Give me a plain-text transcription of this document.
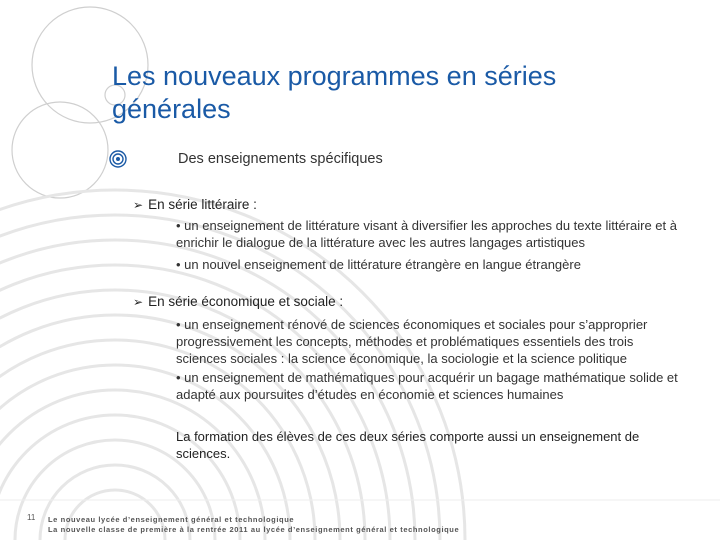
Les nouveaux programmes en séries générales
Des enseignements spécifiques
➢ En série littéraire :
• un enseignement de littérature visant à diversifier les approches du texte littéraire et à enrichir le dialogue de la littérature avec les autres langages artistiques
• un nouvel enseignement de littérature étrangère en langue étrangère
➢ En série économique et sociale :
• un enseignement rénové de sciences économiques et sociales pour s’approprier progressivement les concepts, méthodes et problématiques essentiels des trois sciences sociales : la science économique, la sociologie et la science politique
• un enseignement de mathématiques pour acquérir un bagage mathématique solide et adapté aux poursuites d’études en économie et sciences humaines
La formation des élèves de ces deux séries comporte aussi un enseignement de sciences.
11 Le nouveau lycée d’enseignement général et technologique
La nouvelle classe de première à la rentrée 2011 au lycée d’enseignement général et technologique
